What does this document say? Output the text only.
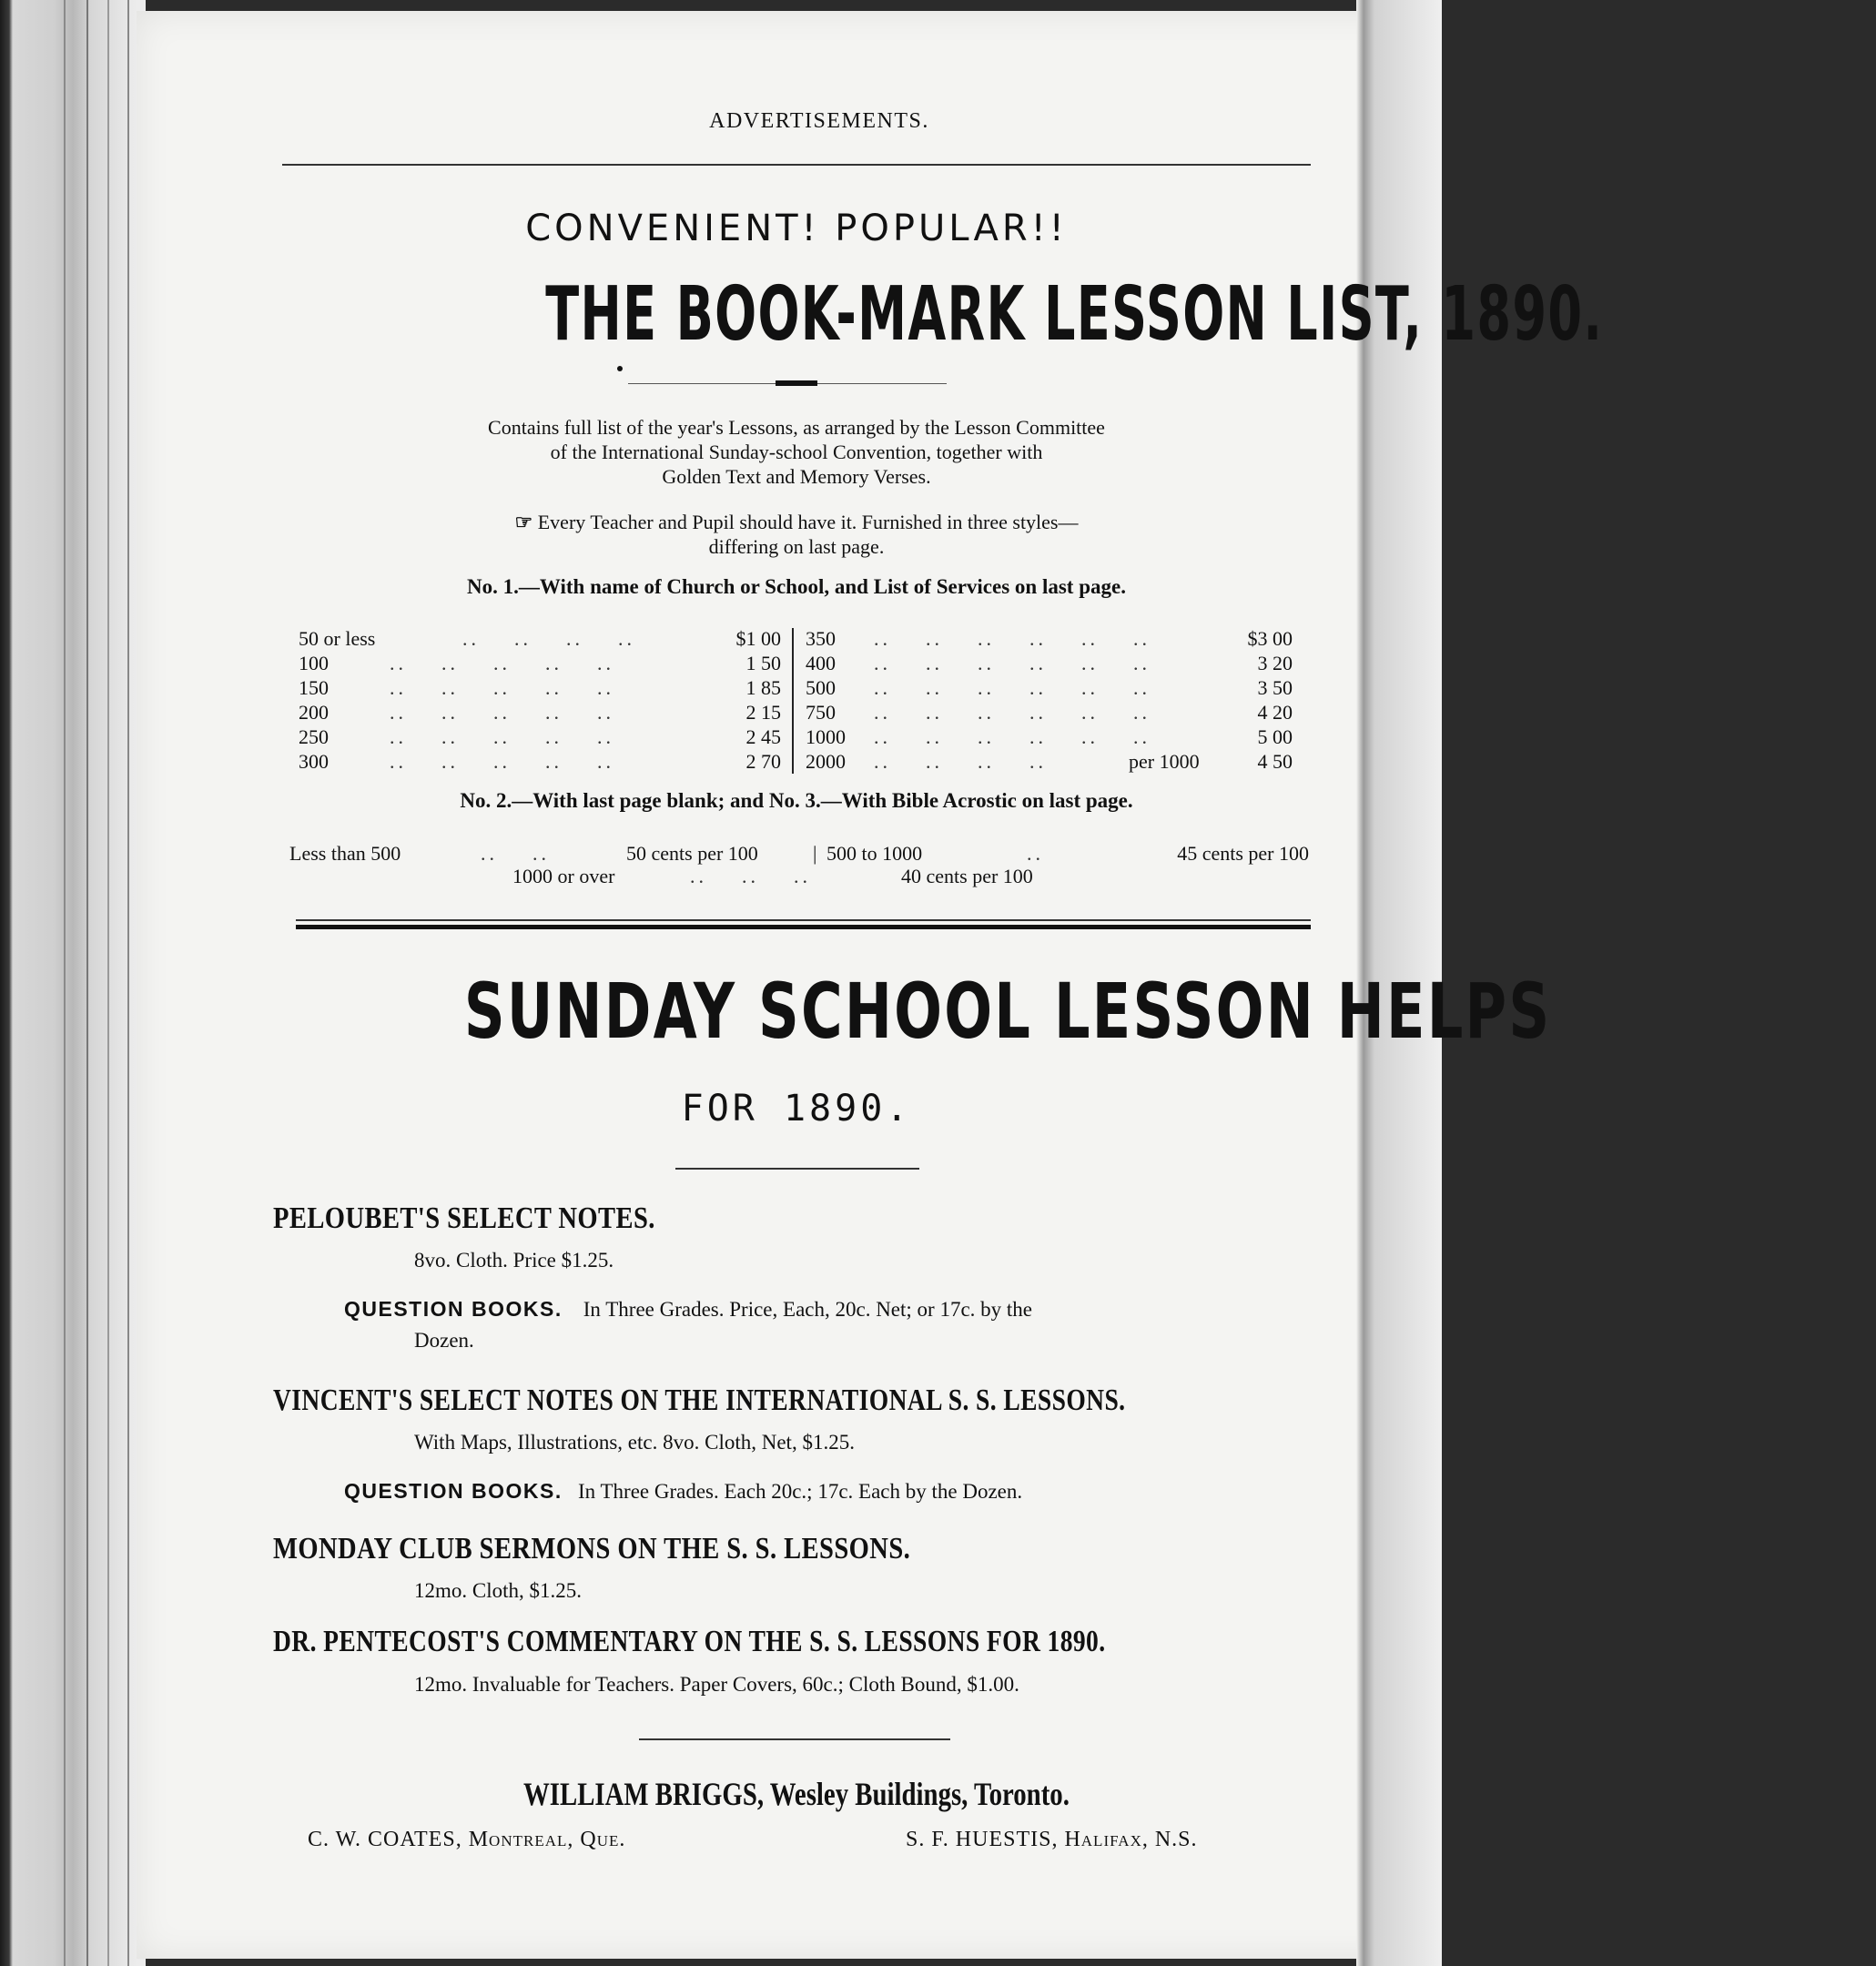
ADVERTISEMENTS.
CONVENIENT! POPULAR!!
THE BOOK-MARK LESSON LIST, 1890.
Contains full list of the year's Lessons, as arranged by the Lesson Committee
of the International Sunday-school Convention, together with
Golden Text and Memory Verses.
☞ Every Teacher and Pupil should have it. Furnished in three styles—
differing on last page.
No. 1.—With name of Church or School, and List of Services on last page.
50 or less	..    ..    ..    ..	$1 00
100	..    ..    ..    ..    ..	1 50
150	..    ..    ..    ..    ..	1 85
200	..    ..    ..    ..    ..	2 15
250	..    ..    ..    ..    ..	2 45
300	..    ..    ..    ..    ..	2 70
350 ..    ..    ..    ..    ..    ..	$3 00
400 ..    ..    ..    ..    ..    ..	3 20
500 ..    ..    ..    ..    ..    ..	3 50
750 ..    ..    ..    ..    ..    ..	4 20
1000 ..    ..    ..    ..    ..    ..	5 00
2000 ..    ..    ..    ..	per 1000	4 50
No. 2.—With last page blank; and No. 3.—With Bible Acrostic on last page.
Less than 500	..    ..	50 cents per 100	| 500 to 1000	..	45 cents per 100
1000 or over	..    ..    ..	40 cents per 100
SUNDAY SCHOOL LESSON HELPS
FOR 1890.
PELOUBET'S SELECT NOTES.
8vo. Cloth. Price $1.25.
QUESTION BOOKS. In Three Grades. Price, Each, 20c. Net; or 17c. by the
Dozen.
VINCENT'S SELECT NOTES ON THE INTERNATIONAL S. S. LESSONS.
With Maps, Illustrations, etc. 8vo. Cloth, Net, $1.25.
QUESTION BOOKS. In Three Grades. Each 20c.; 17c. Each by the Dozen.
MONDAY CLUB SERMONS ON THE S. S. LESSONS.
12mo. Cloth, $1.25.
DR. PENTECOST'S COMMENTARY ON THE S. S. LESSONS FOR 1890.
12mo. Invaluable for Teachers. Paper Covers, 60c.; Cloth Bound, $1.00.
WILLIAM BRIGGS, Wesley Buildings, Toronto.
C. W. COATES, Montreal, Que.	S. F. HUESTIS, Halifax, N.S.
